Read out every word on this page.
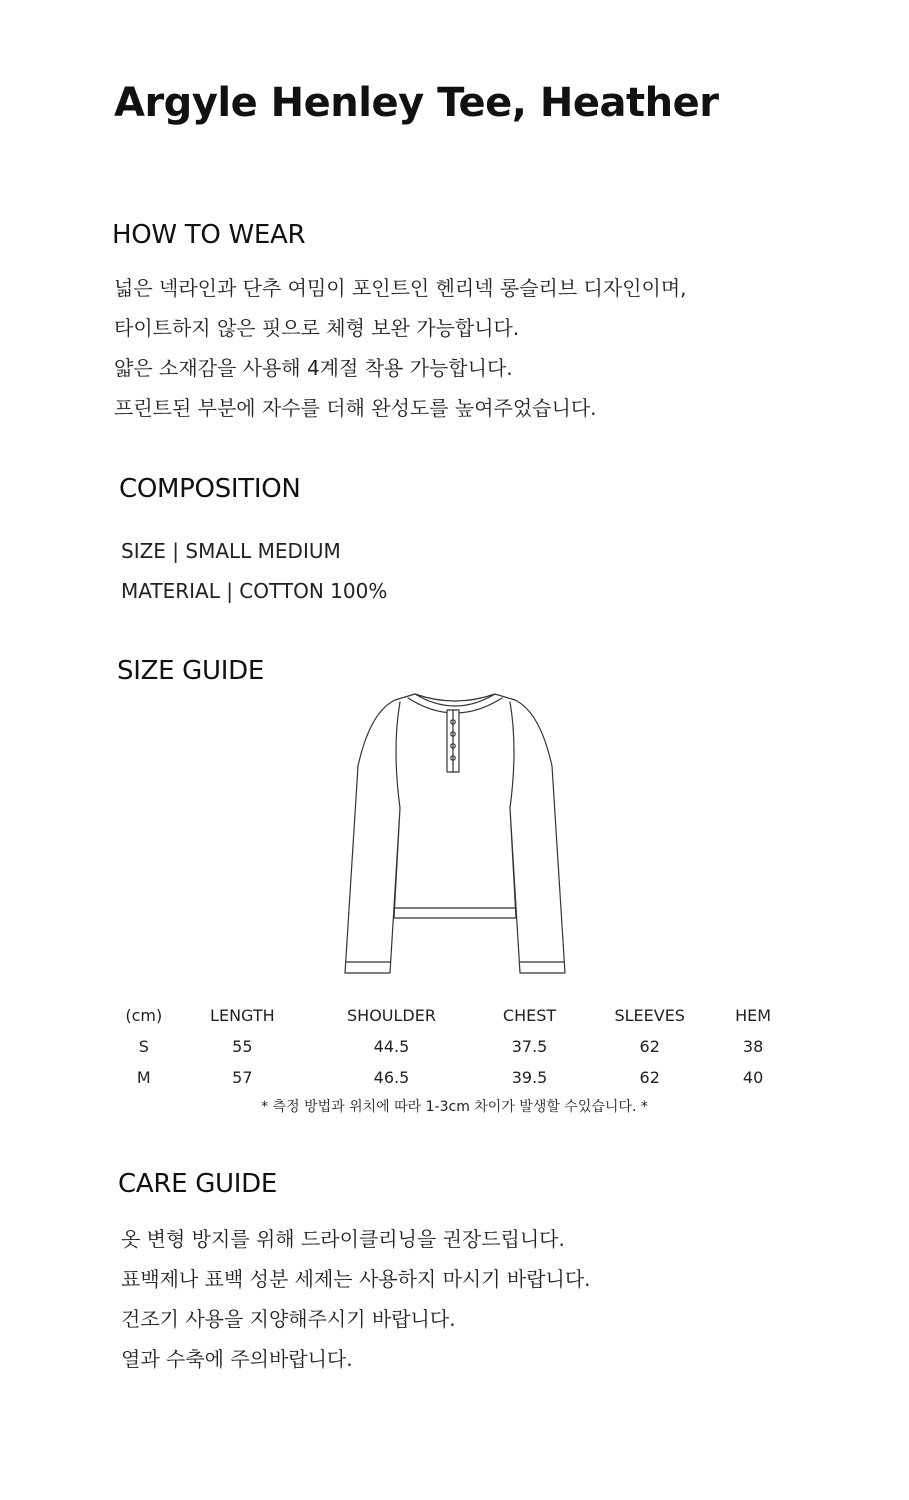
Argyle Henley Tee, Heather
HOW TO WEAR
넓은 넥라인과 단추 여밈이 포인트인 헨리넥 롱슬리브 디자인이며,
타이트하지 않은 핏으로 체형 보완 가능합니다.
얇은 소재감을 사용해 4계절 착용 가능합니다.
프린트된 부분에 자수를 더해 완성도를 높여주었습니다.
COMPOSITION
SIZE | SMALL MEDIUM
MATERIAL | COTTON 100%
SIZE GUIDE
(cm)	LENGTH	SHOULDER	CHEST	SLEEVES	HEM
S	55	44.5	37.5	62	38
M	57	46.5	39.5	62	40
* 측정 방법과 위치에 따라 1-3cm 차이가 발생할 수있습니다. *
CARE GUIDE
옷 변형 방지를 위해 드라이클리닝을 권장드립니다.
표백제나 표백 성분 세제는 사용하지 마시기 바랍니다.
건조기 사용을 지양해주시기 바랍니다.
열과 수축에 주의바랍니다.
